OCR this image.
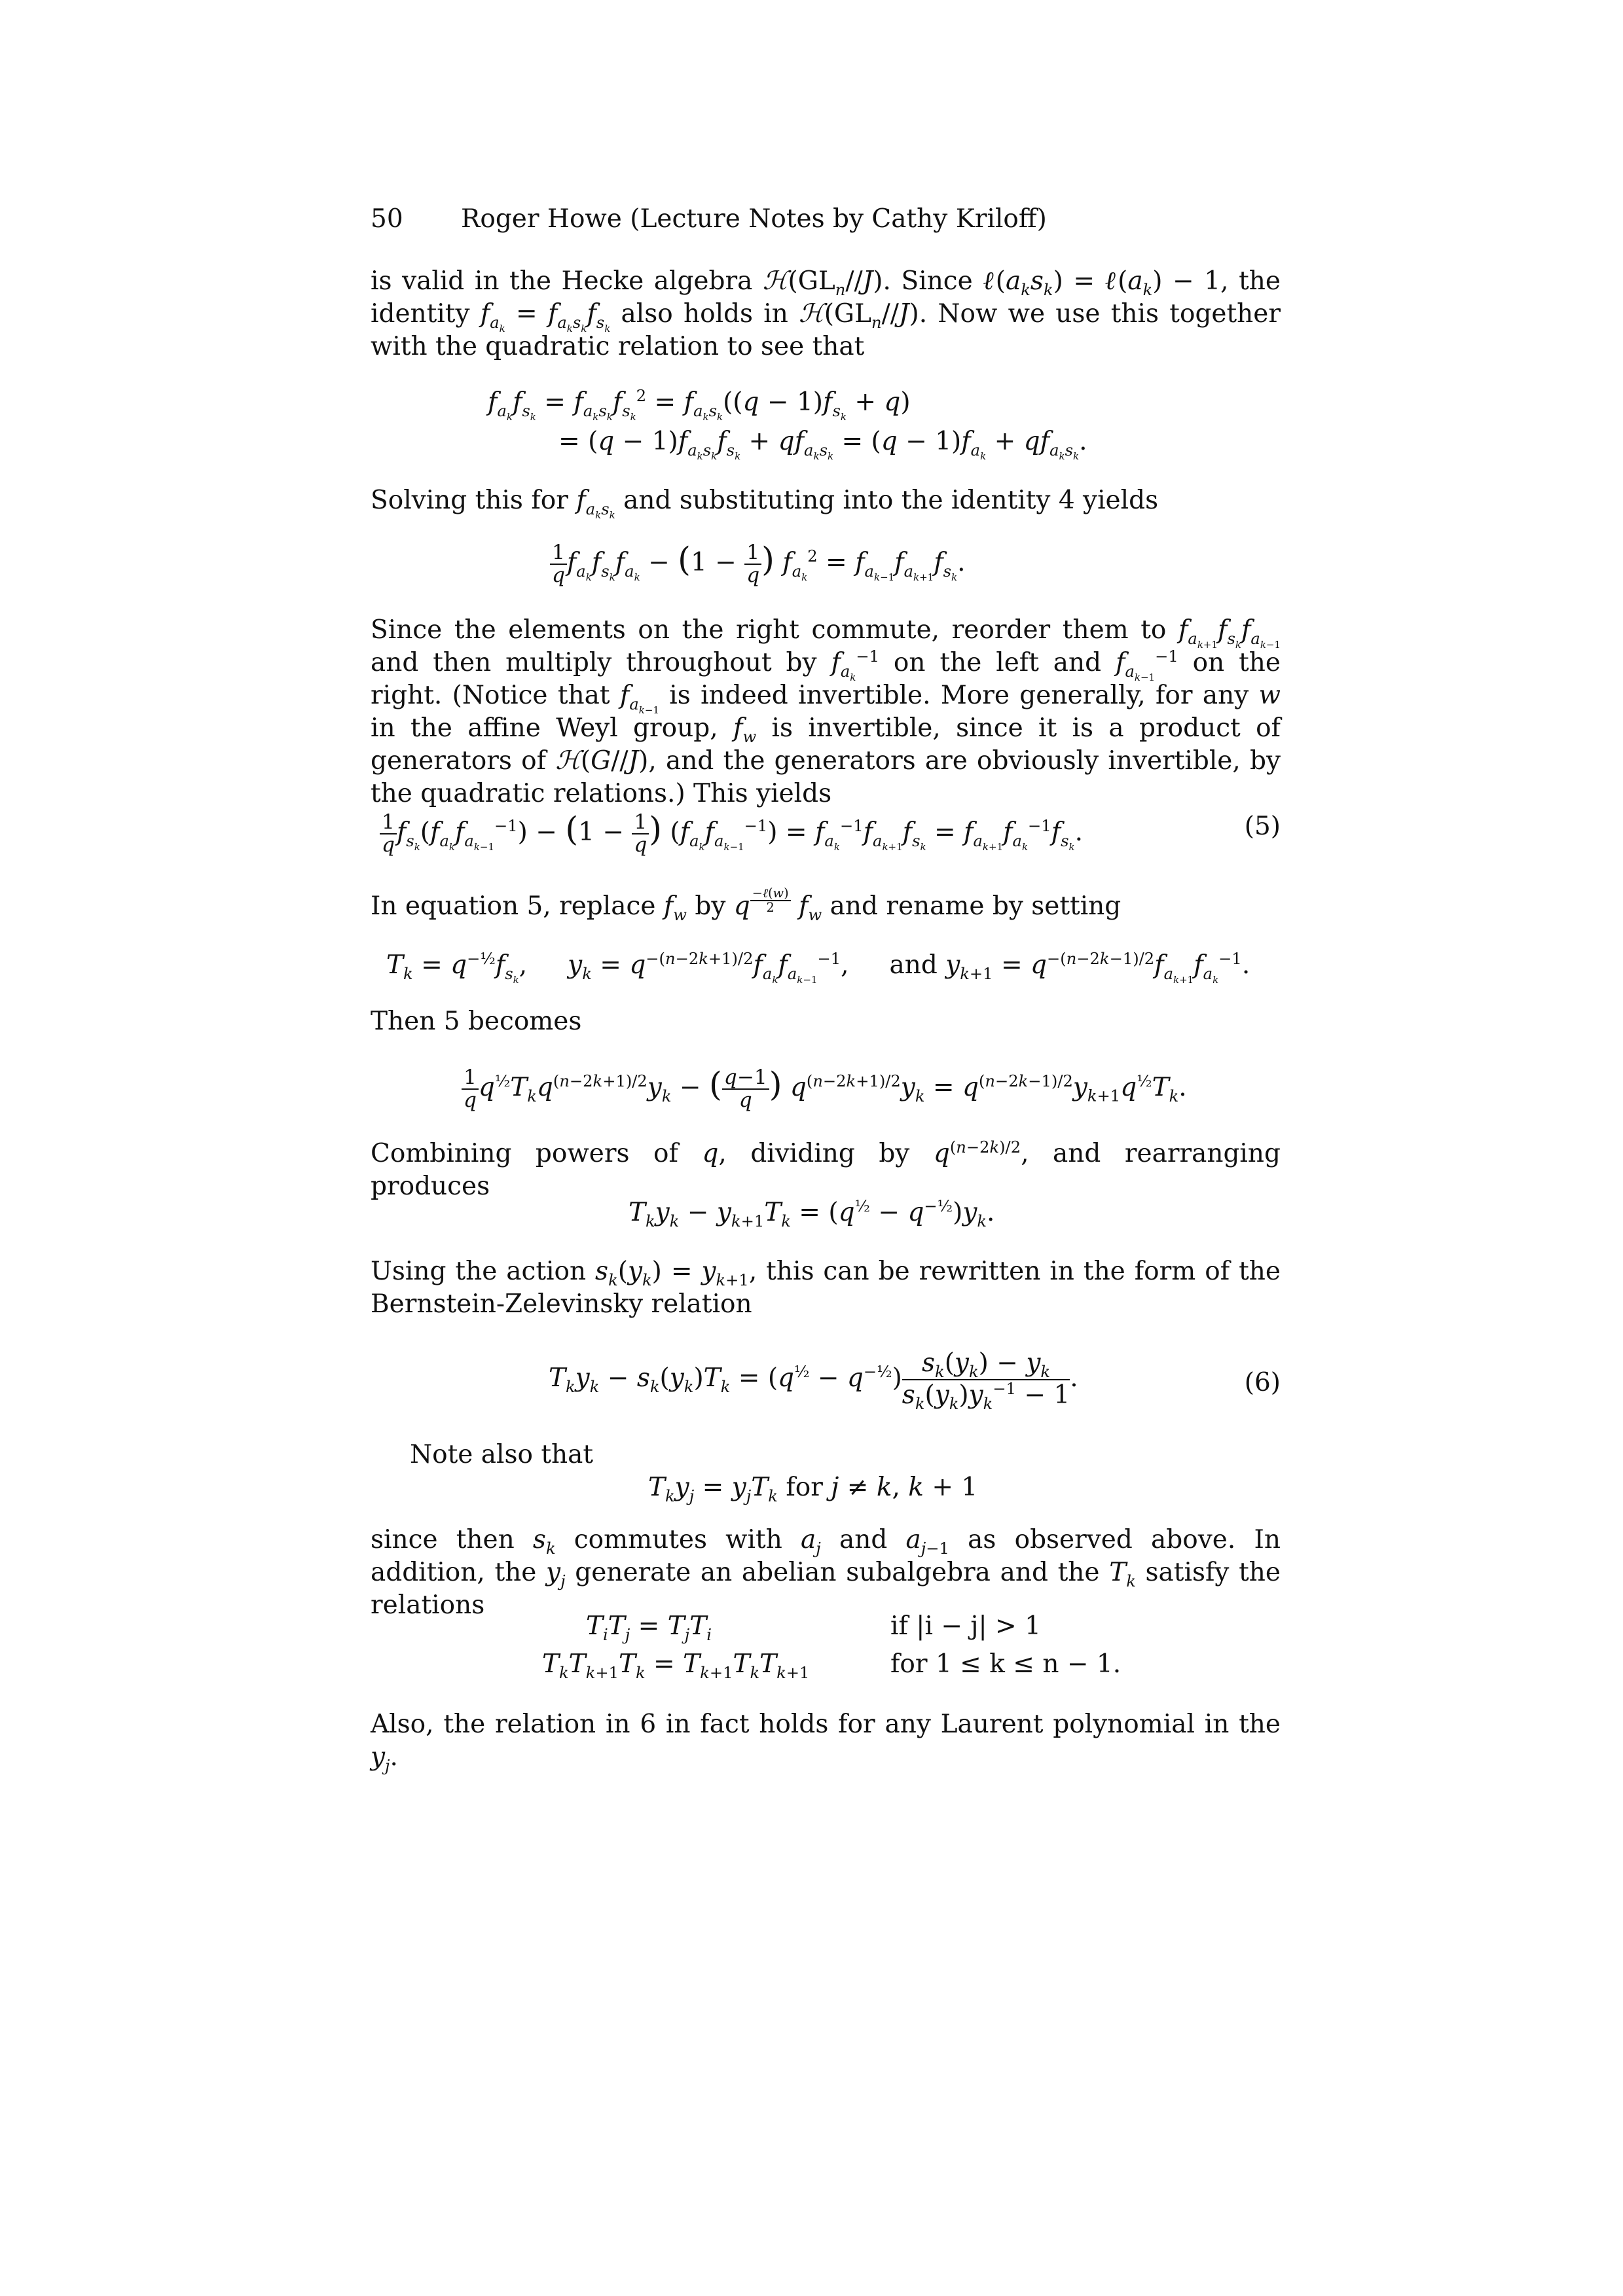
50 Roger Howe (Lecture Notes by Cathy Kriloff)
is valid in the Hecke algebra $ℋ(GL_n//J)$. Since $\ell(a_ks_k)$ = $\ell(a_k) - 1$, the identity $f_{a_k} = f_{a_ks_k}f_{s_k}$ also holds in $ℋ(GL_n//J)$. Now we use this together with the quadratic relation to see that
$f_{a_k}f_{s_k} = f_{a_ks_k}f_{s_k}^2 = f_{a_ks_k}((q - 1)f_{s_k} + q)$
= $(q - 1)f_{a_ks_k}f_{s_k} + qf_{a_ks_k} = (q - 1)f_{a_k} + qf_{a_ks_k}$.
Solving this for $f_{a_ks_k}$ and substituting into the identity 4 yields
$\frac{1}{q} f_{a_k}f_{s_k}f_{a_k} - (1 - \frac{1}{q}$ ) $f_{a_k}^2 = f_{a_{k-1}}f_{a_{k+1}}f_{s_k}$.
Since the elements on the right commute, reorder them to $f_{a_{k+1}}f_{s_k}f_{a_{k-1}}$ and then multiply throughout by $f_{a_k}^{-1}$ on the left and $f_{a_{k-1}}^{-1}$ on the right. (Notice that $f_{a_{k-1}}$ is indeed invertible. More generally, for any w in the affine Weyl group, $f_w$ is invertible, since it is a product of generators of ℋ(G//J), and the generators are obviously invertible, by the quadratic relations.) This yields
$\frac{1}{q} f_{s_k}(f_{a_k}f_{a_{k-1}}^{-1}) - (1 - \frac{1}{q}$ ) $(f_{a_k}f_{a_{k-1}}^{-1}) = f_{a_k}^{-1}f_{a_{k+1}}f_{s_k} = f_{a_{k+1}}f_{a_k}^{-1}f_{s_k}$.	(5)
In equation 5, replace $f_w$ by q $^{\frac{\text{−ℓ(w)}}{2}}$ $f_w$ and rename by setting
$T_k = q^{-\frac{1}{2}}f_{s_k}$,     $y_k = q^{-(n-2k+1)/2}f_{a_k}f_{a_{k-1}}^{-1}$,     and $y_{k+1} = q^{-(n-2k-1)/2}f_{a_{k+1}}f_{a_k}^{-1}$.
Then 5 becomes
$\frac{1}{q} q^{\frac{1}{2}}T_kq^{(n-2k+1)/2}y_k$ − ( $\frac{q-1}{q}$ ) $q^{(n-2k+1)/2}y_k = q^{(n-2k-1)/2}y_{k+1}q^{\frac{1}{2}}T_k$.
Combining powers of q, dividing by $q^{(n-2k)/2}$, and rearranging produces
$T_ky_k - y_{k+1}T_k = (q^{\frac{1}{2}} - q^{-\frac{1}{2}})y_k$.
Using the action $s_k(y_k) = y_{k+1}$, this can be rewritten in the form of the Bernstein-Zelevinsky relation
$T_ky_k - s_k(y_k)T_k = (q^{\frac{1}{2}} - q^{-\frac{1}{2}}) \frac{s_k(y_k) - y_k}{s_k(y_k)y_k^{-1} - 1}$ .	(6)
Note also that
$T_ky_j = y_jT_k$ for j ≠ k, k + 1
since then $s_k$ commutes with $a_j$ and $a_{j-1}$ as observed above. In addition, the $y_j$ generate an abelian subalgebra and the $T_k$ satisfy the relations
$T_iT_j = T_jT_i$	if |i − j| > 1
$T_kT_{k+1}T_k = T_{k+1}T_kT_{k+1}$	for 1 ≤ k ≤ n − 1.
Also, the relation in 6 in fact holds for any Laurent polynomial in the $y_j$.
